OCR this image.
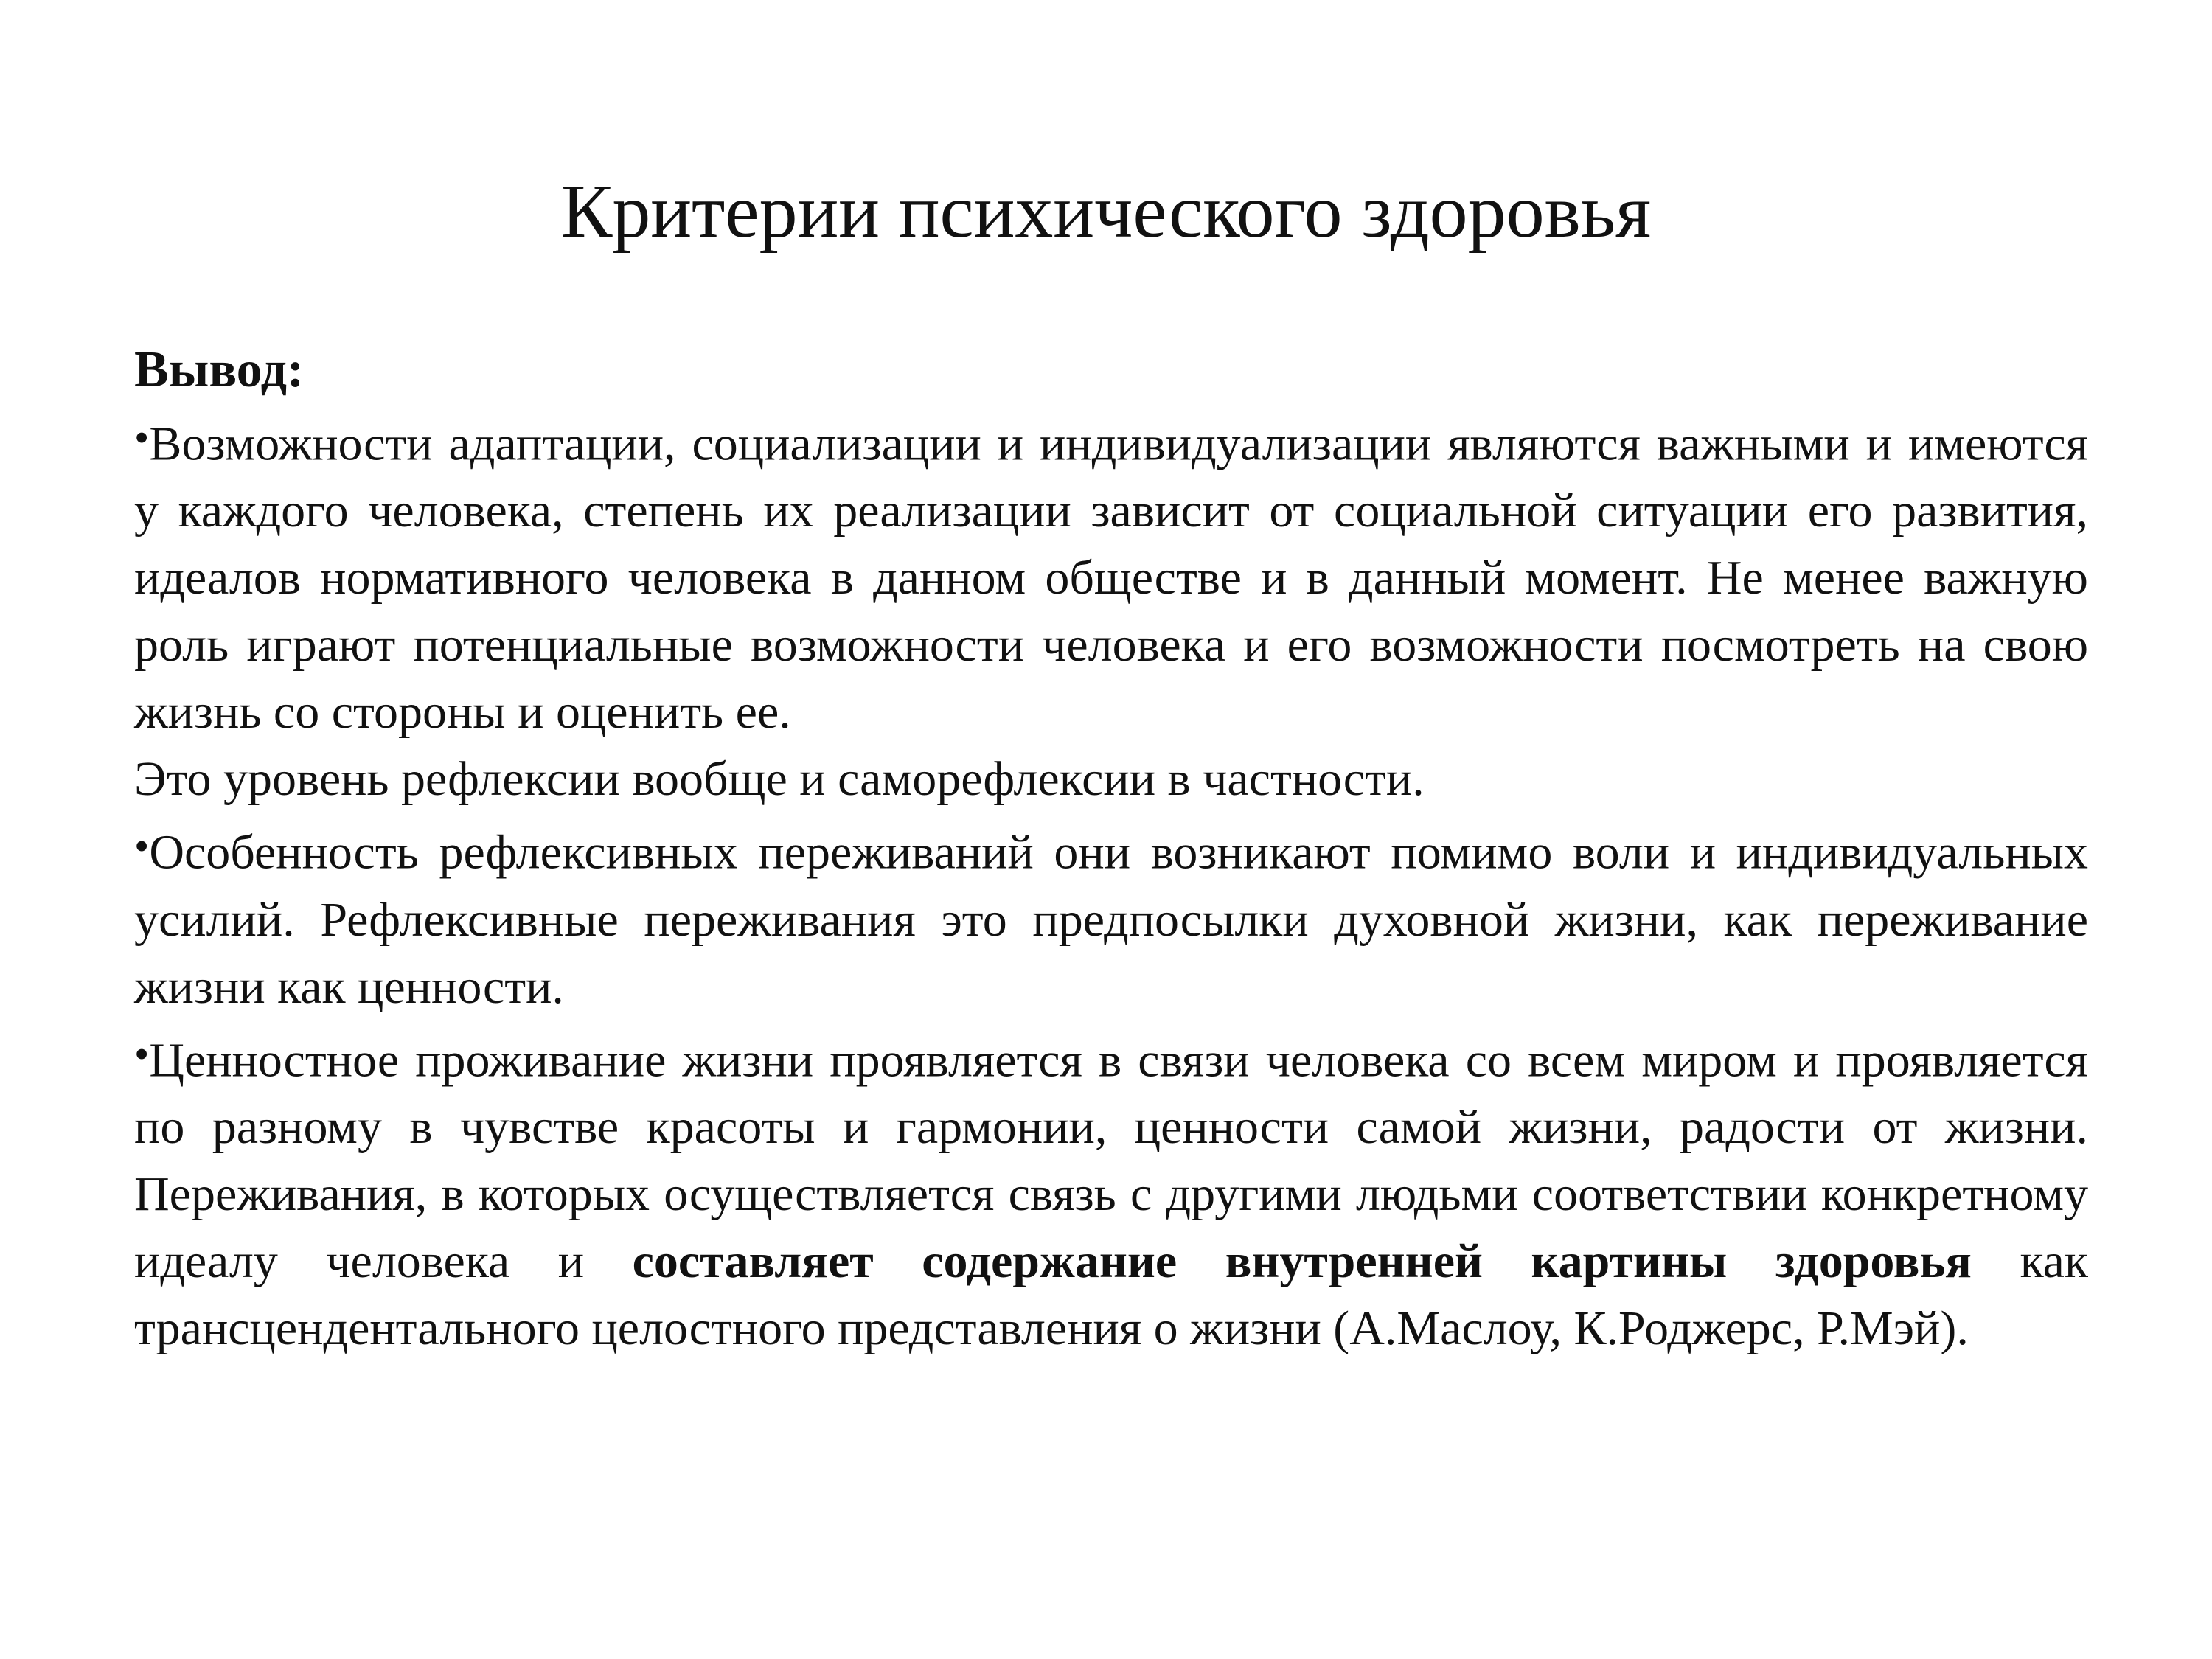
Критерии психического здоровья

Вывод:

•Возможности адаптации, социализации и индивидуализации являются важными и имеются у каждого человека, степень их реализации зависит от социальной ситуации его развития, идеалов нормативного человека в данном обществе и в данный момент. Не менее важную роль играют потенциальные возможности человека и его возможности посмотреть на свою жизнь со стороны и оценить ее.

Это уровень рефлексии вообще и саморефлексии в частности.

•Особенность рефлексивных переживаний они возникают помимо воли и индивидуальных усилий. Рефлексивные переживания это предпосылки духовной жизни, как переживание жизни как ценности.

•Ценностное проживание жизни проявляется в связи человека со всем миром и проявляется по разному в чувстве красоты и гармонии, ценности самой жизни, радости от жизни. Переживания, в которых осуществляется связь с другими людьми соответствии конкретному идеалу человека и составляет содержание внутренней картины здоровья как трансцендентального целостного представления о жизни (А.Маслоу, К.Роджерс, Р.Мэй).
